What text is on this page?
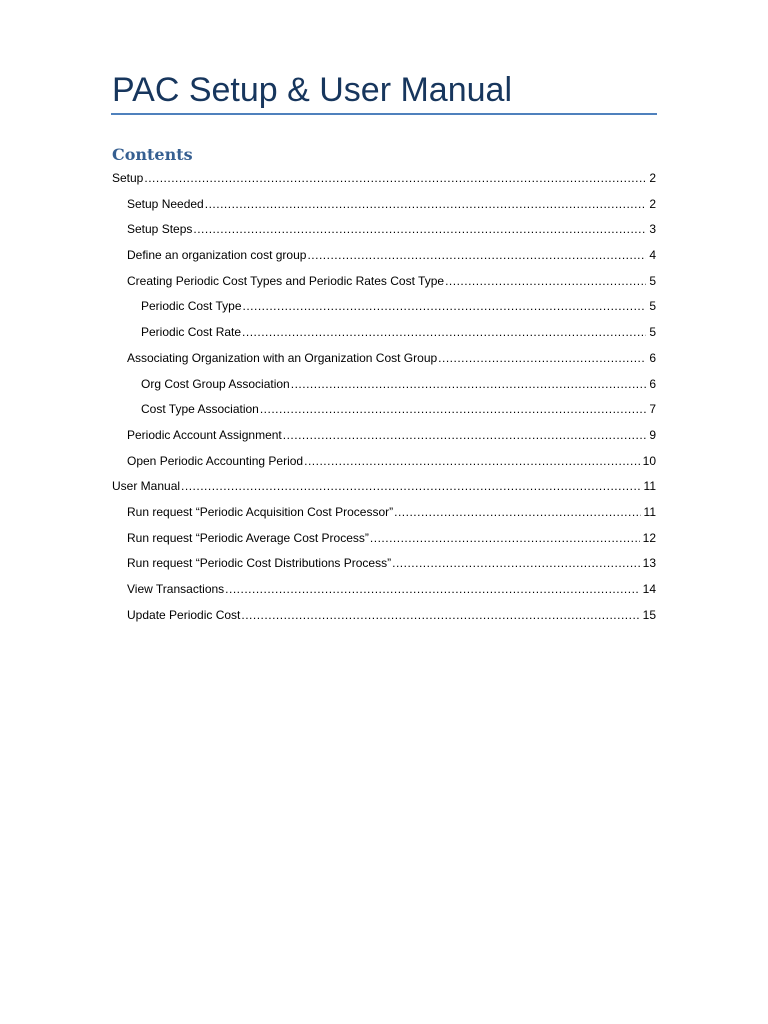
PAC Setup & User Manual
Contents
Setup .....	2
Setup Needed .....	2
Setup Steps .....	3
Define an organization cost group .....	4
Creating Periodic Cost Types and Periodic Rates Cost Type .....	5
Periodic Cost Type .....	5
Periodic Cost Rate .....	5
Associating Organization with an Organization Cost Group .....	6
Org Cost Group Association .....	6
Cost Type Association .....	7
Periodic Account Assignment .....	9
Open Periodic Accounting Period .....	10
User Manual .....	11
Run request “Periodic Acquisition Cost Processor” .....	11
Run request “Periodic Average Cost Process” .....	12
Run request “Periodic Cost Distributions Process” .....	13
View Transactions .....	14
Update Periodic Cost .....	15
